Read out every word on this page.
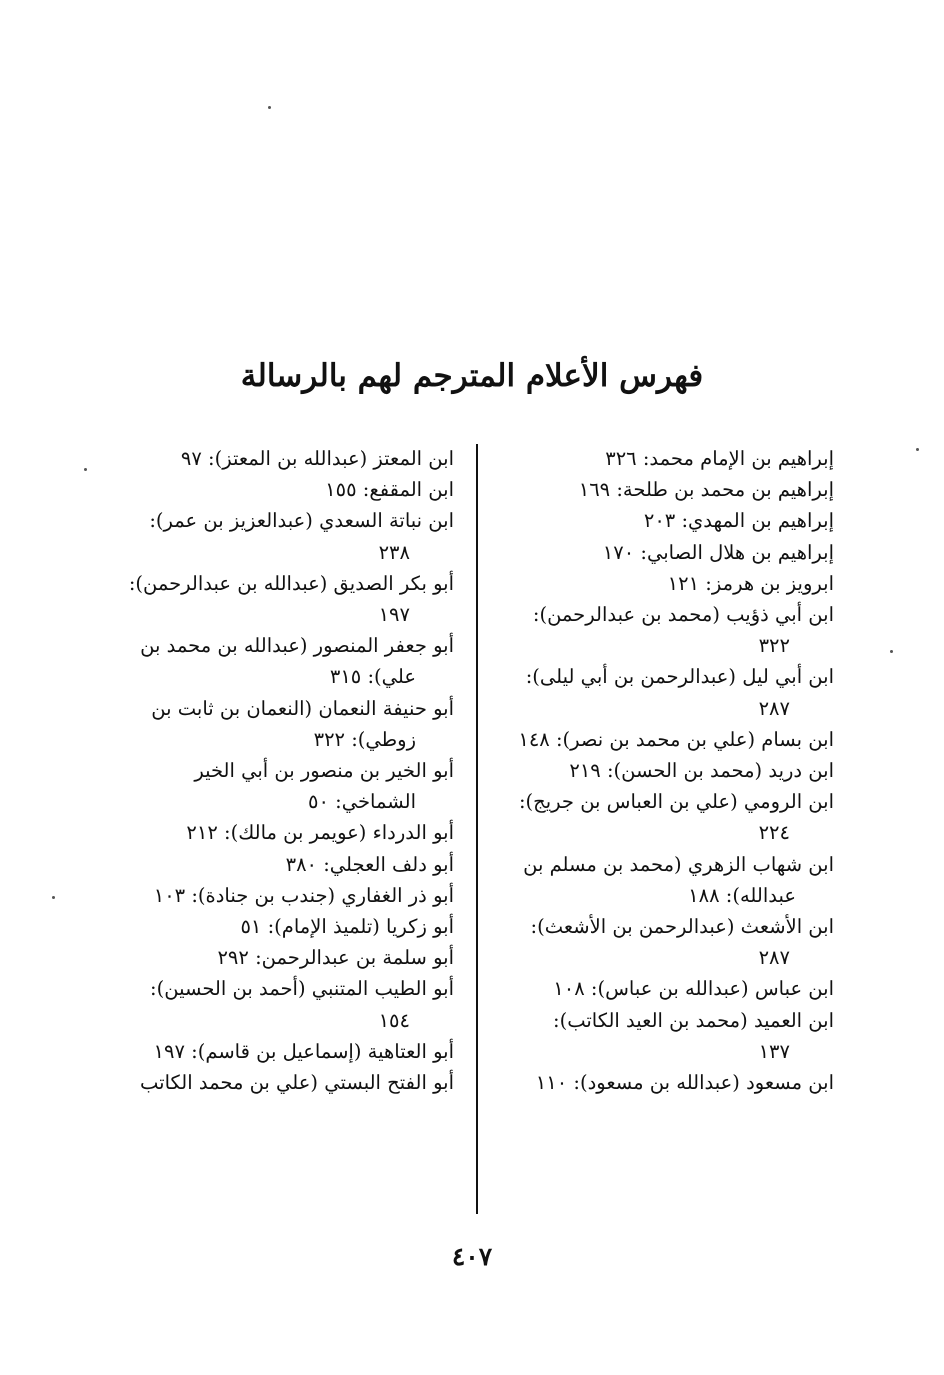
فهرس الأعلام المترجم لهم بالرسالة
إبراهيم بن الإمام محمد: ٣٢٦
إبراهيم بن محمد بن طلحة: ١٦٩
إبراهيم بن المهدي: ٢٠٣
إبراهيم بن هلال الصابي: ١٧٠
ابرويز بن هرمز: ١٢١
ابن أبي ذؤيب (محمد بن عبدالرحمن):
٣٢٢
ابن أبي ليل (عبدالرحمن بن أبي ليلى):
٢٨٧
ابن بسام (علي بن محمد بن نصر): ١٤٨
ابن دريد (محمد بن الحسن): ٢١٩
ابن الرومي (علي بن العباس بن جريج):
٢٢٤
ابن شهاب الزهري (محمد بن مسلم بن
عبدالله): ١٨٨
ابن الأشعث (عبدالرحمن بن الأشعث):
٢٨٧
ابن عباس (عبدالله بن عباس): ١٠٨
ابن العميد (محمد بن العيد الكاتب):
١٣٧
ابن مسعود (عبدالله بن مسعود): ١١٠
ابن المعتز (عبدالله بن المعتز): ٩٧
ابن المقفع: ١٥٥
ابن نباتة السعدي (عبدالعزيز بن عمر):
٢٣٨
أبو بكر الصديق (عبدالله بن عبدالرحمن):
١٩٧
أبو جعفر المنصور (عبدالله بن محمد بن
علي): ٣١٥
أبو حنيفة النعمان (النعمان بن ثابت بن
زوطي): ٣٢٢
أبو الخير بن منصور بن أبي الخير
الشماخي: ٥٠
أبو الدرداء (عويمر بن مالك): ٢١٢
أبو دلف العجلي: ٣٨٠
أبو ذر الغفاري (جندب بن جنادة): ١٠٣
أبو زكريا (تلميذ الإمام): ٥١
أبو سلمة بن عبدالرحمن: ٢٩٢
أبو الطيب المتنبي (أحمد بن الحسين):
١٥٤
أبو العتاهية (إسماعيل بن قاسم): ١٩٧
أبو الفتح البستي (علي بن محمد الكاتب
٤٠٧
